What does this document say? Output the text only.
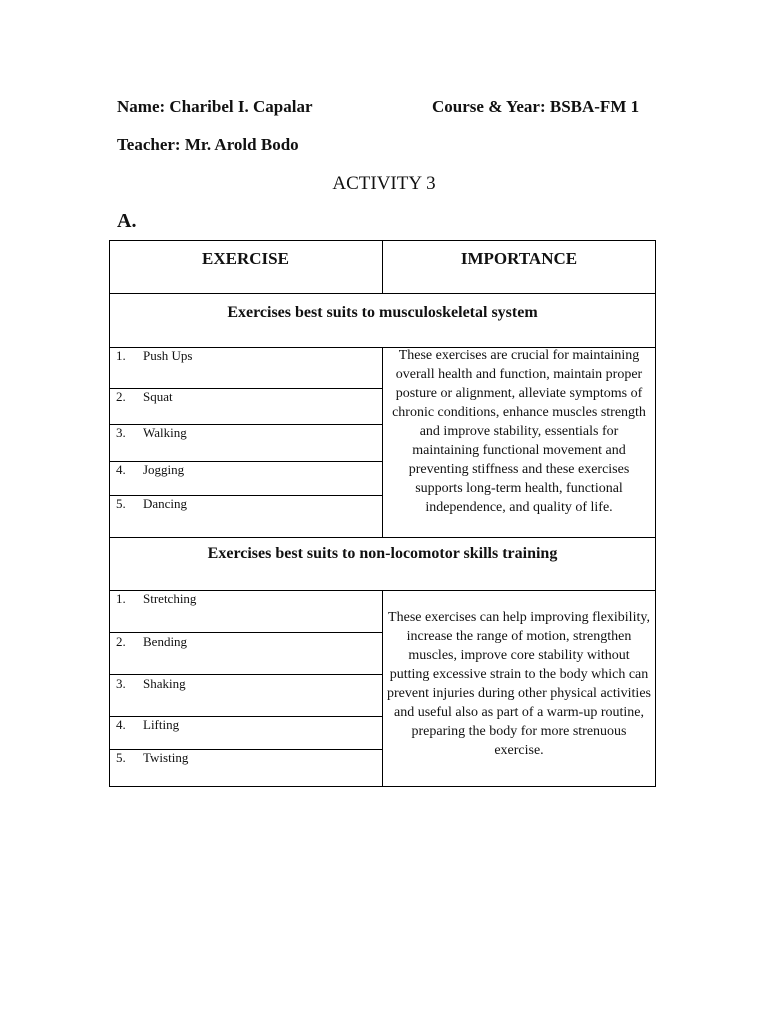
Name: Charibel I. Capalar	Course & Year: BSBA-FM 1
Teacher: Mr. Arold Bodo
ACTIVITY 3
A.
EXERCISE	IMPORTANCE
Exercises best suits to musculoskeletal system
1. Push Ups
2. Squat
3. Walking
4. Jogging
5. Dancing
These exercises are crucial for maintaining overall health and function, maintain proper posture or alignment, alleviate symptoms of chronic conditions, enhance muscles strength and improve stability, essentials for maintaining functional movement and preventing stiffness and these exercises supports long-term health, functional independence, and quality of life.
Exercises best suits to non-locomotor skills training
1. Stretching
2. Bending
3. Shaking
4. Lifting
5. Twisting
These exercises can help improving flexibility, increase the range of motion, strengthen muscles, improve core stability without putting excessive strain to the body which can prevent injuries during other physical activities and useful also as part of a warm-up routine, preparing the body for more strenuous exercise.
